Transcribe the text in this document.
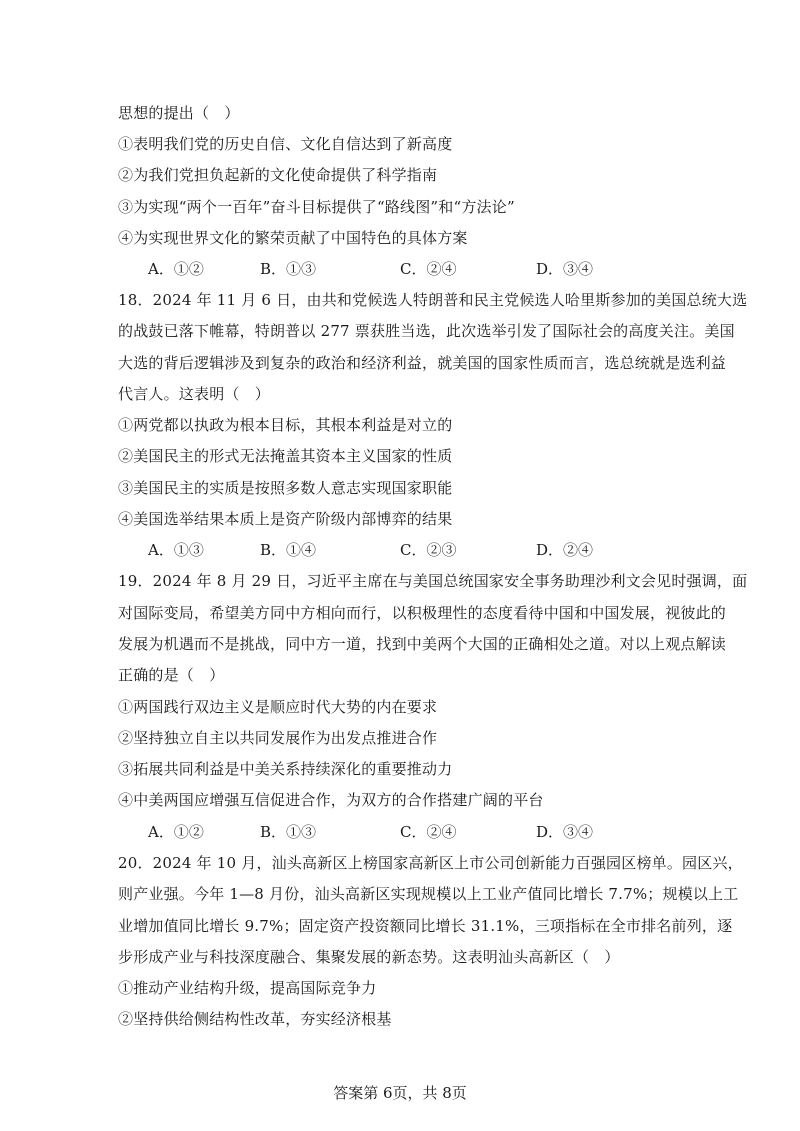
思想的提出（　）
①表明我们党的历史自信、文化自信达到了新高度
②为我们党担负起新的文化使命提供了科学指南
③为实现“两个一百年”奋斗目标提供了“路线图”和“方法论”
④为实现世界文化的繁荣贡献了中国特色的具体方案
A．①②	B．①③	C．②④	D．③④
18．2024 年 11 月 6 日，由共和党候选人特朗普和民主党候选人哈里斯参加的美国总统大选
的战鼓已落下帷幕，特朗普以 277 票获胜当选，此次选举引发了国际社会的高度关注。美国
大选的背后逻辑涉及到复杂的政治和经济利益，就美国的国家性质而言，选总统就是选利益
代言人。这表明（　）
①两党都以执政为根本目标，其根本利益是对立的
②美国民主的形式无法掩盖其资本主义国家的性质
③美国民主的实质是按照多数人意志实现国家职能
④美国选举结果本质上是资产阶级内部博弈的结果
A．①③	B．①④	C．②③	D．②④
19．2024 年 8 月 29 日，习近平主席在与美国总统国家安全事务助理沙利文会见时强调，面
对国际变局，希望美方同中方相向而行，以积极理性的态度看待中国和中国发展，视彼此的
发展为机遇而不是挑战，同中方一道，找到中美两个大国的正确相处之道。对以上观点解读
正确的是（　）
①两国践行双边主义是顺应时代大势的内在要求
②坚持独立自主以共同发展作为出发点推进合作
③拓展共同利益是中美关系持续深化的重要推动力
④中美两国应增强互信促进合作，为双方的合作搭建广阔的平台
A．①②	B．①③	C．②④	D．③④
20．2024 年 10 月，汕头高新区上榜国家高新区上市公司创新能力百强园区榜单。园区兴，
则产业强。今年 1—8 月份，汕头高新区实现规模以上工业产值同比增长 7.7%；规模以上工
业增加值同比增长 9.7%；固定资产投资额同比增长 31.1%，三项指标在全市排名前列，逐
步形成产业与科技深度融合、集聚发展的新态势。这表明汕头高新区（　）
①推动产业结构升级，提高国际竞争力
②坚持供给侧结构性改革，夯实经济根基
答案第 6页，共 8页
